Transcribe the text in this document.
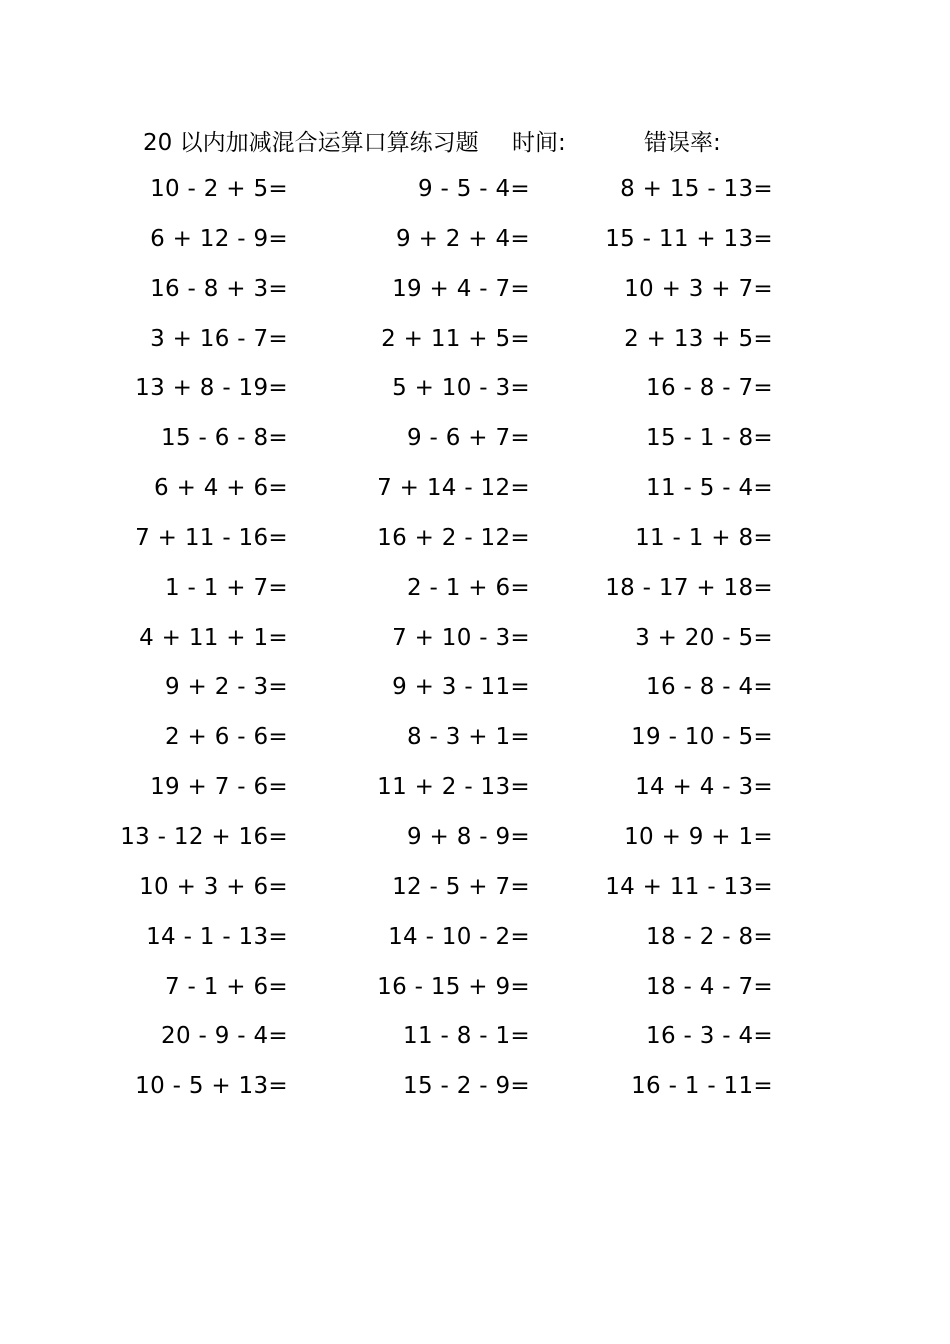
20 以内加减混合运算口算练习题 时间:	错误率:
10 - 2 + 5=	9 - 5 - 4=	8 + 15 - 13=
6 + 12 - 9=	9 + 2 + 4=	15 - 11 + 13=
16 - 8 + 3=	19 + 4 - 7=	10 + 3 + 7=
3 + 16 - 7=	2 + 11 + 5=	2 + 13 + 5=
13 + 8 - 19=	5 + 10 - 3=	16 - 8 - 7=
15 - 6 - 8=	9 - 6 + 7=	15 - 1 - 8=
6 + 4 + 6=	7 + 14 - 12=	11 - 5 - 4=
7 + 11 - 16=	16 + 2 - 12=	11 - 1 + 8=
1 - 1 + 7=	2 - 1 + 6=	18 - 17 + 18=
4 + 11 + 1=	7 + 10 - 3=	3 + 20 - 5=
9 + 2 - 3=	9 + 3 - 11=	16 - 8 - 4=
2 + 6 - 6=	8 - 3 + 1=	19 - 10 - 5=
19 + 7 - 6=	11 + 2 - 13=	14 + 4 - 3=
13 - 12 + 16=	9 + 8 - 9=	10 + 9 + 1=
10 + 3 + 6=	12 - 5 + 7=	14 + 11 - 13=
14 - 1 - 13=	14 - 10 - 2=	18 - 2 - 8=
7 - 1 + 6=	16 - 15 + 9=	18 - 4 - 7=
20 - 9 - 4=	11 - 8 - 1=	16 - 3 - 4=
10 - 5 + 13=	15 - 2 - 9=	16 - 1 - 11=
